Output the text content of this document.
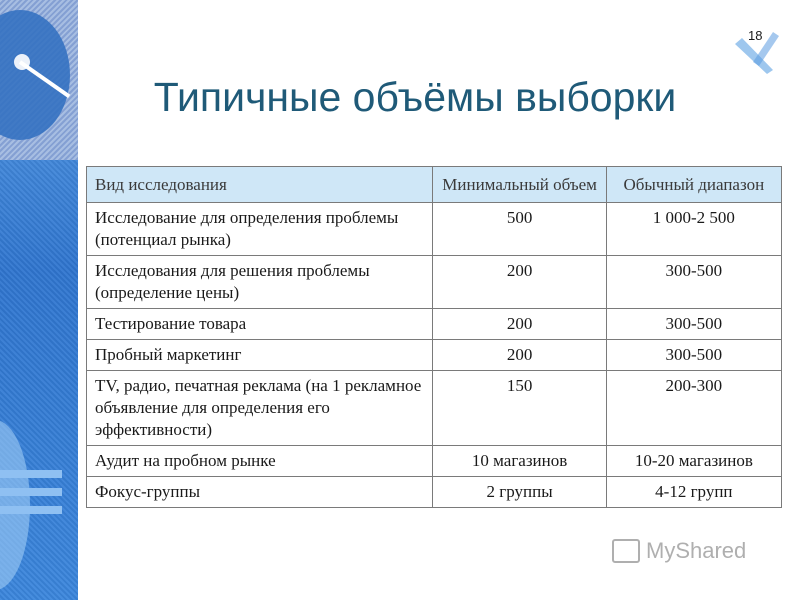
18
Типичные объёмы выборки
Вид исследования	Минимальный объем	Обычный диапазон
Исследование для определения проблемы (потенциал рынка)	500	1 000-2 500
Исследования для решения проблемы (определение цены)	200	300-500
Тестирование товара	200	300-500
Пробный маркетинг	200	300-500
TV, радио, печатная реклама (на 1 рекламное объявление для определения его эффективности)	150	200-300
Аудит на пробном рынке	10 магазинов	10-20 магазинов
Фокус-группы	2 группы	4-12 групп
MyShared
